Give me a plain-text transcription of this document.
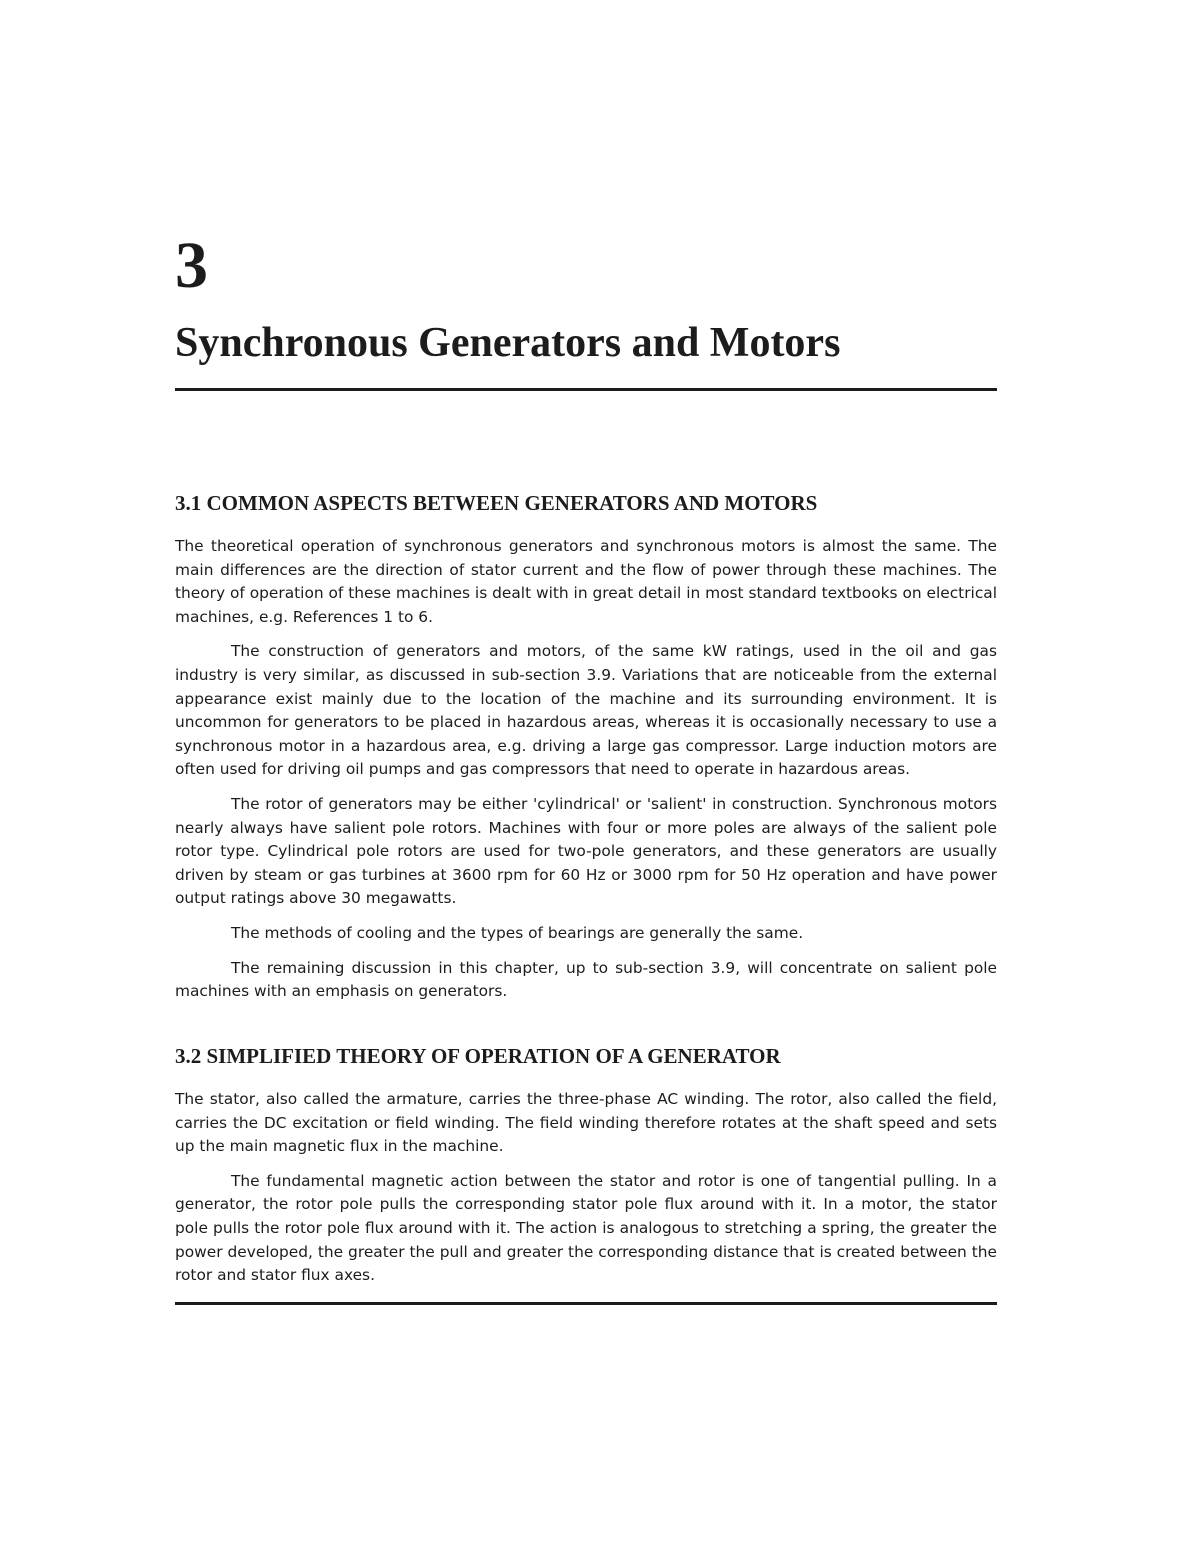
3
Synchronous Generators and Motors
3.1 COMMON ASPECTS BETWEEN GENERATORS AND MOTORS

The theoretical operation of synchronous generators and synchronous motors is almost the same. The main differences are the direction of stator current and the flow of power through these machines. The theory of operation of these machines is dealt with in great detail in most standard textbooks on electrical machines, e.g. References 1 to 6.

The construction of generators and motors, of the same kW ratings, used in the oil and gas industry is very similar, as discussed in sub-section 3.9. Variations that are noticeable from the external appearance exist mainly due to the location of the machine and its surrounding environment. It is uncommon for generators to be placed in hazardous areas, whereas it is occasionally necessary to use a synchronous motor in a hazardous area, e.g. driving a large gas compressor. Large induction motors are often used for driving oil pumps and gas compressors that need to operate in hazardous areas.

The rotor of generators may be either 'cylindrical' or 'salient' in construction. Synchronous motors nearly always have salient pole rotors. Machines with four or more poles are always of the salient pole rotor type. Cylindrical pole rotors are used for two-pole generators, and these generators are usually driven by steam or gas turbines at 3600 rpm for 60 Hz or 3000 rpm for 50 Hz operation and have power output ratings above 30 megawatts.

The methods of cooling and the types of bearings are generally the same.

The remaining discussion in this chapter, up to sub-section 3.9, will concentrate on salient pole machines with an emphasis on generators.

3.2 SIMPLIFIED THEORY OF OPERATION OF A GENERATOR

The stator, also called the armature, carries the three-phase AC winding. The rotor, also called the field, carries the DC excitation or field winding. The field winding therefore rotates at the shaft speed and sets up the main magnetic flux in the machine.

The fundamental magnetic action between the stator and rotor is one of tangential pulling. In a generator, the rotor pole pulls the corresponding stator pole flux around with it. In a motor, the stator pole pulls the rotor pole flux around with it. The action is analogous to stretching a spring, the greater the power developed, the greater the pull and greater the corresponding distance that is created between the rotor and stator flux axes.
